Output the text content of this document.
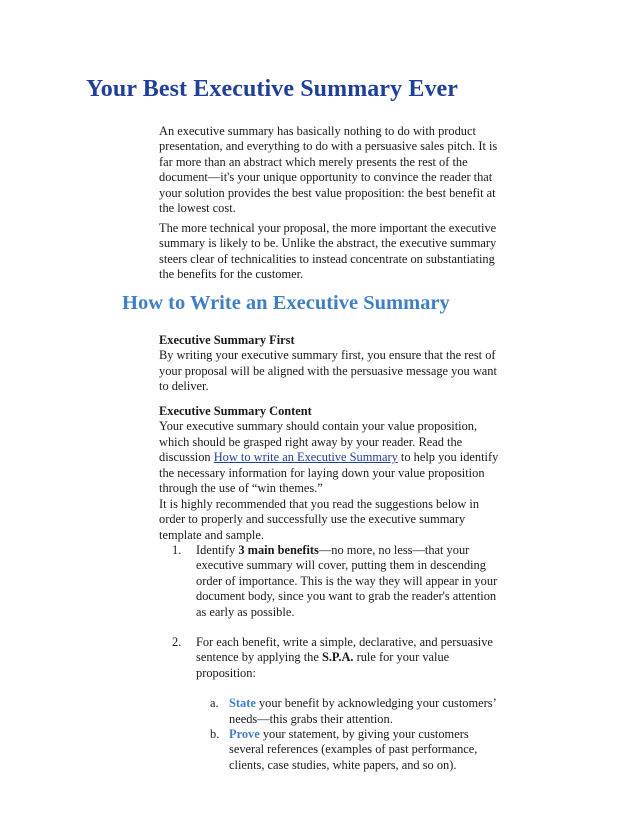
Your Best Executive Summary Ever

An executive summary has basically nothing to do with product presentation, and everything to do with a persuasive sales pitch. It is far more than an abstract which merely presents the rest of the document—it's your unique opportunity to convince the reader that your solution provides the best value proposition: the best benefit at the lowest cost.

The more technical your proposal, the more important the executive summary is likely to be. Unlike the abstract, the executive summary steers clear of technicalities to instead concentrate on substantiating the benefits for the customer.

How to Write an Executive Summary

Executive Summary First

By writing your executive summary first, you ensure that the rest of your proposal will be aligned with the persuasive message you want to deliver.

Executive Summary Content

Your executive summary should contain your value proposition, which should be grasped right away by your reader. Read the discussion How to write an Executive Summary to help you identify the necessary information for laying down your value proposition through the use of “win themes.”

It is highly recommended that you read the suggestions below in order to properly and successfully use the executive summary template and sample.

1. Identify 3 main benefits—no more, no less—that your executive summary will cover, putting them in descending order of importance. This is the way they will appear in your document body, since you want to grab the reader's attention as early as possible.
2. For each benefit, write a simple, declarative, and persuasive sentence by applying the S.P.A. rule for your value proposition:
a. State your benefit by acknowledging your customers’ needs—this grabs their attention.
b. Prove your statement, by giving your customers several references (examples of past performance, clients, case studies, white papers, and so on).
